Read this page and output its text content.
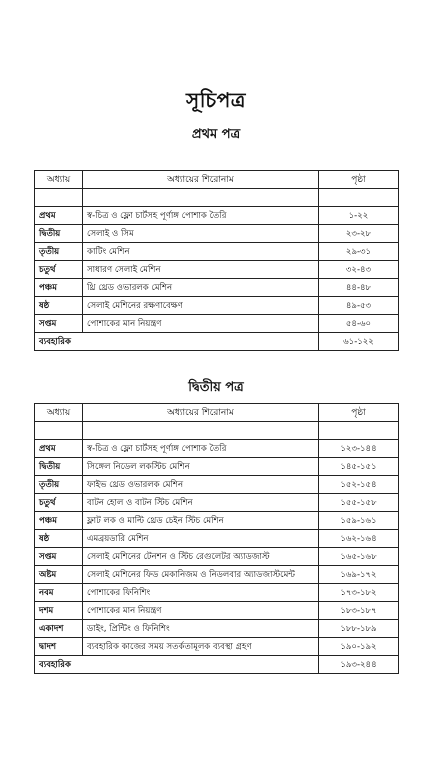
সূচিপত্র
প্রথম পত্র
অধ্যায়	অধ্যায়ের শিরোনাম	পৃষ্ঠা

প্রথম	স্ব-চিত্র ও ফ্লো চার্টসহ পূর্ণাঙ্গ পোশাক তৈরি	১-২২
দ্বিতীয়	সেলাই ও সিম	২৩-২৮
তৃতীয়	কাটিং মেশিন	২৯-৩১
চতুর্থ	সাধারণ সেলাই মেশিন	৩২-৪৩
পঞ্চম	থ্রি থ্রেড ওভারলক মেশিন	৪৪-৪৮
ষষ্ঠ	সেলাই মেশিনের রক্ষণাবেক্ষণ	৪৯-৫৩
সপ্তম	পোশাকের মান নিয়ন্ত্রণ	৫৪-৬০
ব্যবহারিক		৬১-১২২
দ্বিতীয় পত্র
অধ্যায়	অধ্যায়ের শিরোনাম	পৃষ্ঠা

প্রথম	স্ব-চিত্র ও ফ্লো চার্টসহ পূর্ণাঙ্গ পোশাক তৈরি	১২৩-১৪৪
দ্বিতীয়	সিঙ্গেল নিডেল লকস্টিচ মেশিন	১৪৫-১৫১
তৃতীয়	ফাইভ থ্রেড ওভারলক মেশিন	১৫২-১৫৪
চতুর্থ	বাটন হোল ও বাটন স্টিচ মেশিন	১৫৫-১৫৮
পঞ্চম	ফ্লাট লক ও মাল্টি থ্রেড চেইন স্টিচ মেশিন	১৫৯-১৬১
ষষ্ঠ	এমব্রয়ডারি মেশিন	১৬২-১৬৪
সপ্তম	সেলাই মেশিনের টেনশন ও স্টিচ রেগুলেটর অ্যাডজাস্ট	১৬৫-১৬৮
অষ্টম	সেলাই মেশিনের ফিড মেকানিজম ও নিডলবার অ্যাডজাস্টমেন্ট	১৬৯-১৭২
নবম	পোশাকের ফিনিশিং	১৭৩-১৮২
দশম	পোশাকের মান নিয়ন্ত্রণ	১৮৩-১৮৭
একাদশ	ডাইং, প্রিন্টিং ও ফিনিশিং	১৮৮-১৮৯
দ্বাদশ	ব্যবহারিক কাজের সময় সতর্কতামূলক ব্যবস্থা গ্রহণ	১৯০-১৯২
ব্যবহারিক		১৯৩-২৪৪
